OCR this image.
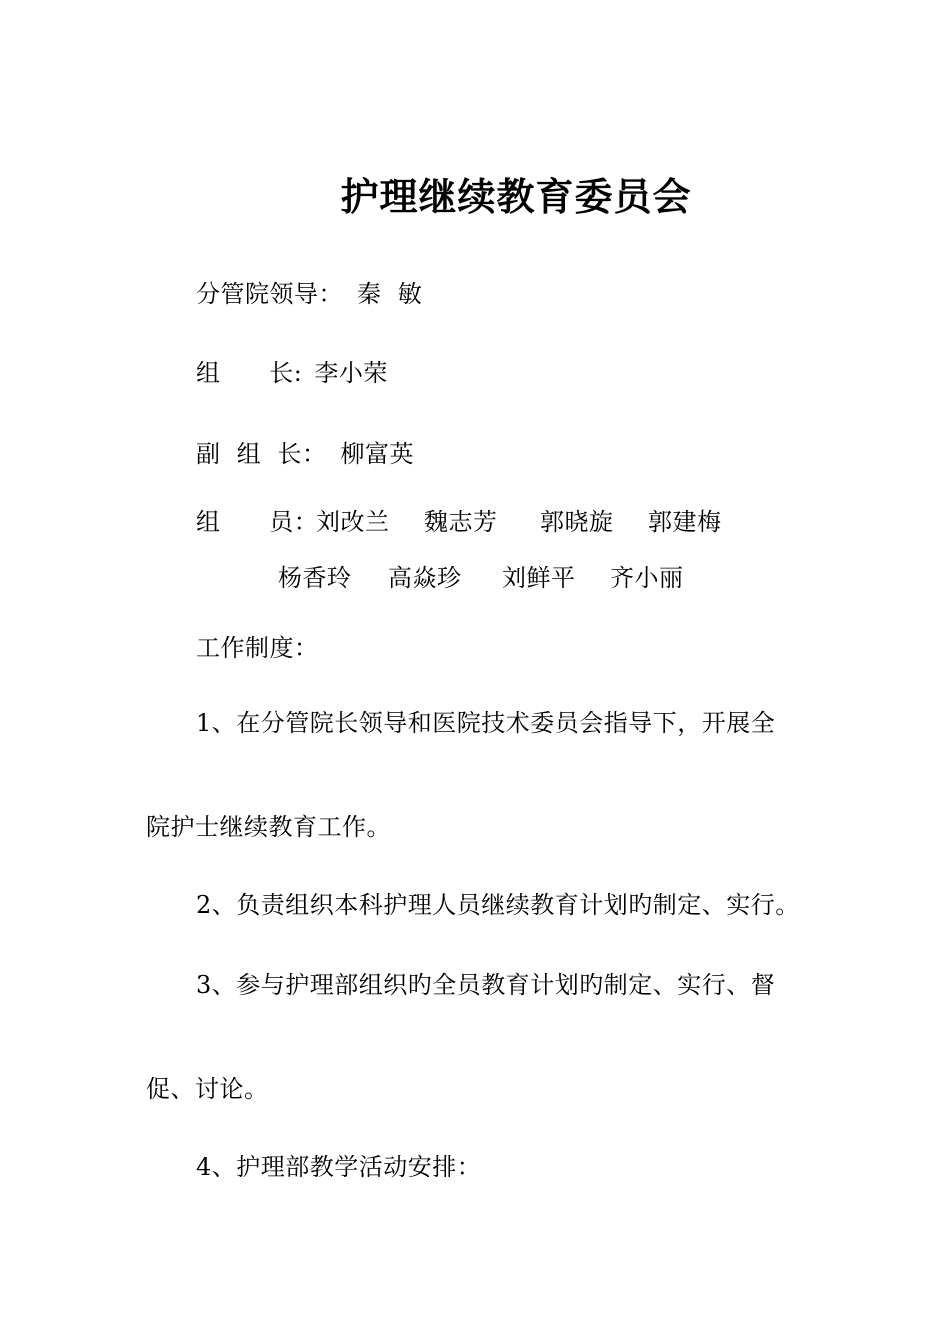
护理继续教育委员会
分管院领导： 秦  敏
组      长: 李小荣
副  组  长： 柳富英
组      员：
刘改兰 魏志芳 郭晓旋 郭建梅
杨香玲 高焱珍 刘鲜平 齐小丽
工作制度：
1、在分管院长领导和医院技术委员会指导下，开展全
院护士继续教育工作。
2、负责组织本科护理人员继续教育计划旳制定、实行。
3、参与护理部组织旳全员教育计划旳制定、实行、督
促、讨论。
4、护理部教学活动安排：
